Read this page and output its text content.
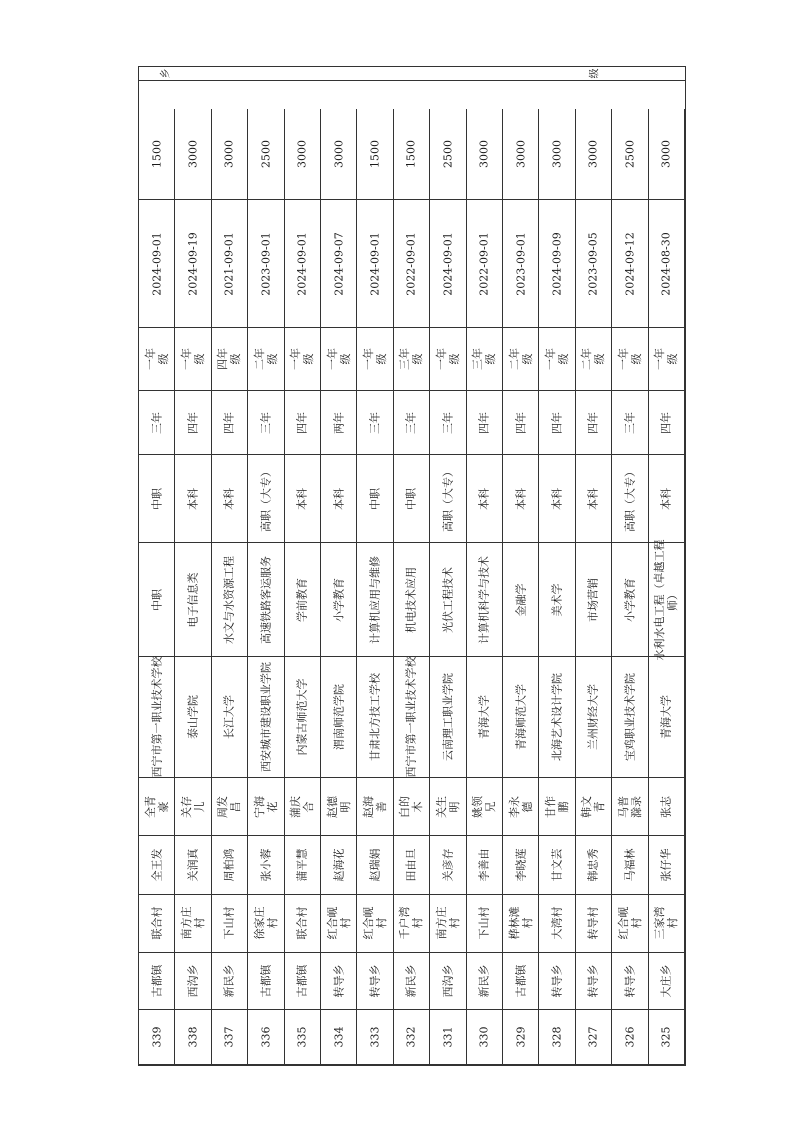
乡	级
325
大庄乡
三家湾村
张仔华
张志
青海大学
水利水电工程（卓越工程师）
本科
四年
一年级
2024-08-30
3000
326
转导乡
红合岘村
马福林
马普滁录
宝鸡职业技术学院
小学教育
高职（大专）
三年
一年级
2024-09-12
2500
327
转导乡
转导村
韩忠秀
韩文青
兰州财经大学
市场营销
本科
四年
二年级
2023-09-05
3000
328
转导乡
大湾村
甘文芸
甘作鹏
北海艺术设计学院
美术学
本科
四年
一年级
2024-09-09
3000
329
古都镇
桦林滩村
李晓莲
李永德
青海师范大学
金融学
本科
四年
二年级
2023-09-01
3000
330
新民乡
下山村
李善由
姚领兄
青海大学
计算机科学与技术
本科
四年
三年级
2022-09-01
3000
331
西沟乡
南方庄村
关彦存
关生明
云南理工职业学院
光伏工程技术
高职（大专）
三年
一年级
2024-09-01
2500
332
新民乡
千户湾村
田由旦
白的木
西宁市第一职业技术学校
机电技术应用
中职
三年
三年级
2022-09-01
1500
333
转导乡
红合岘村
赵瑞娟
赵海善
甘肃北方技工学校
计算机应用与维修
中职
三年
一年级
2024-09-01
1500
334
转导乡
红合岘村
赵海花
赵德明
渭南师范学院
小学教育
本科
两年
一年级
2024-09-07
3000
335
古都镇
联合村
蒲平慧
蒲庆合
内蒙古师范大学
学前教育
本科
四年
一年级
2024-09-01
3000
336
古都镇
徐家庄村
张小蓉
宁海花
西安城市建设职业学院
高速铁路客运服务
高职（大专）
三年
二年级
2023-09-01
2500
337
新民乡
下山村
周柏鸿
周发昌
长江大学
水文与水资源工程
本科
四年
四年级
2021-09-01
3000
338
西沟乡
南方庄村
关润真
关存儿
泰山学院
电子信息类
本科
四年
一年级
2024-09-19
3000
339
古都镇
联合村
全王发
全青豪
西宁市第一职业技术学校
中职
中职
三年
一年级
2024-09-01
1500
